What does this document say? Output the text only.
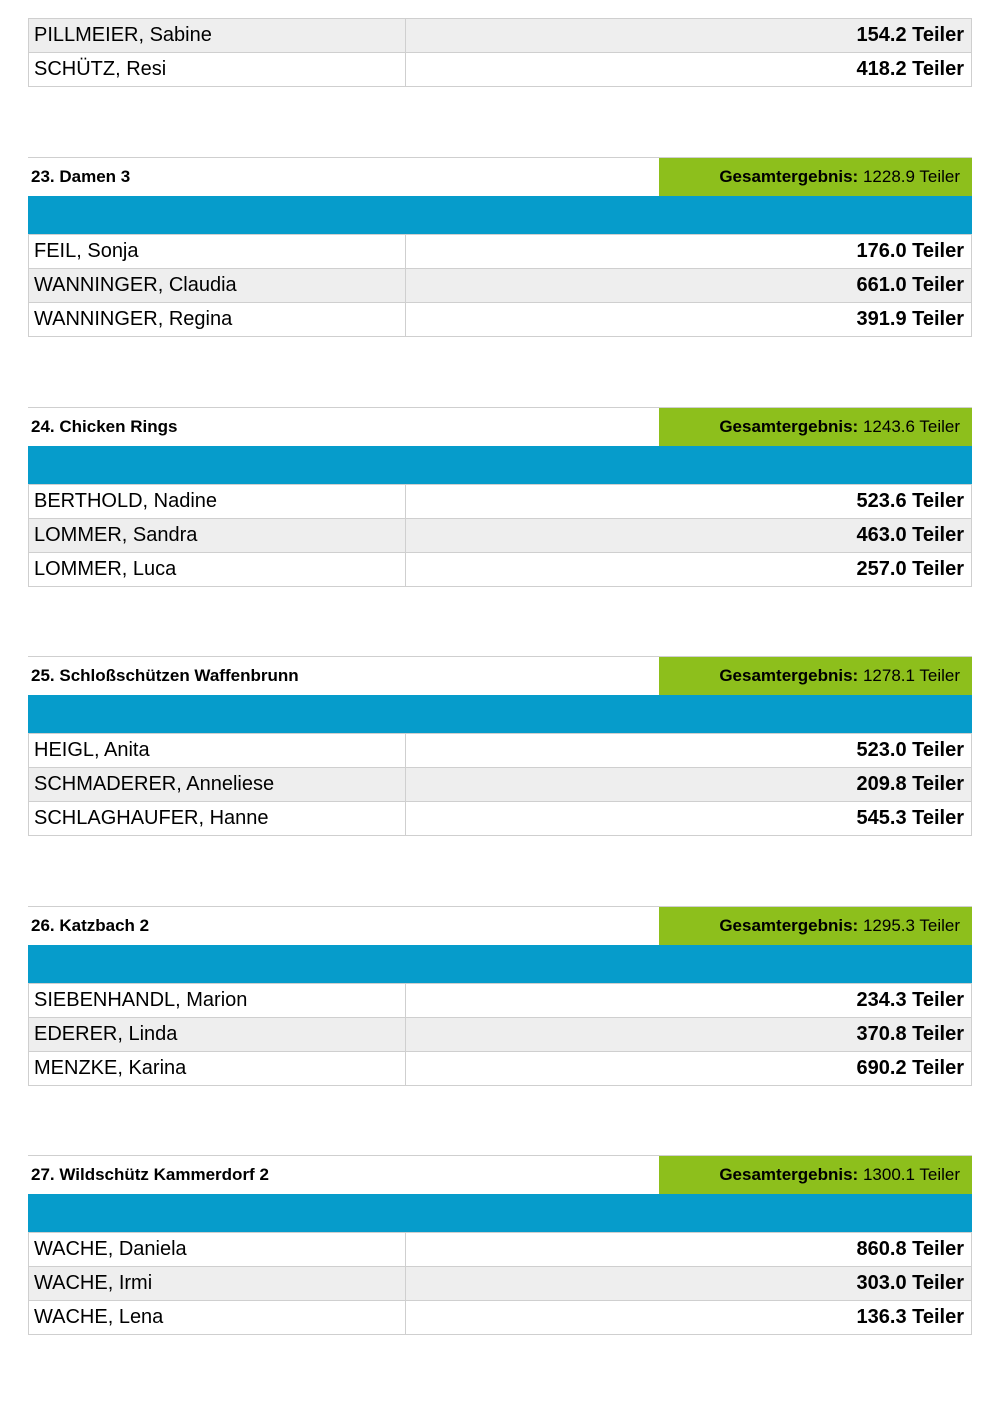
PILLMEIER, Sabine	154.2 Teiler
SCHÜTZ, Resi	418.2 Teiler
23. Damen 3	Gesamtergebnis: 1228.9 Teiler
FEIL, Sonja	176.0 Teiler
WANNINGER, Claudia	661.0 Teiler
WANNINGER, Regina	391.9 Teiler
24. Chicken Rings	Gesamtergebnis: 1243.6 Teiler
BERTHOLD, Nadine	523.6 Teiler
LOMMER, Sandra	463.0 Teiler
LOMMER, Luca	257.0 Teiler
25. Schloßschützen Waffenbrunn	Gesamtergebnis: 1278.1 Teiler
HEIGL, Anita	523.0 Teiler
SCHMADERER, Anneliese	209.8 Teiler
SCHLAGHAUFER, Hanne	545.3 Teiler
26. Katzbach 2	Gesamtergebnis: 1295.3 Teiler
SIEBENHANDL, Marion	234.3 Teiler
EDERER, Linda	370.8 Teiler
MENZKE, Karina	690.2 Teiler
27. Wildschütz Kammerdorf 2	Gesamtergebnis: 1300.1 Teiler
WACHE, Daniela	860.8 Teiler
WACHE, Irmi	303.0 Teiler
WACHE, Lena	136.3 Teiler
